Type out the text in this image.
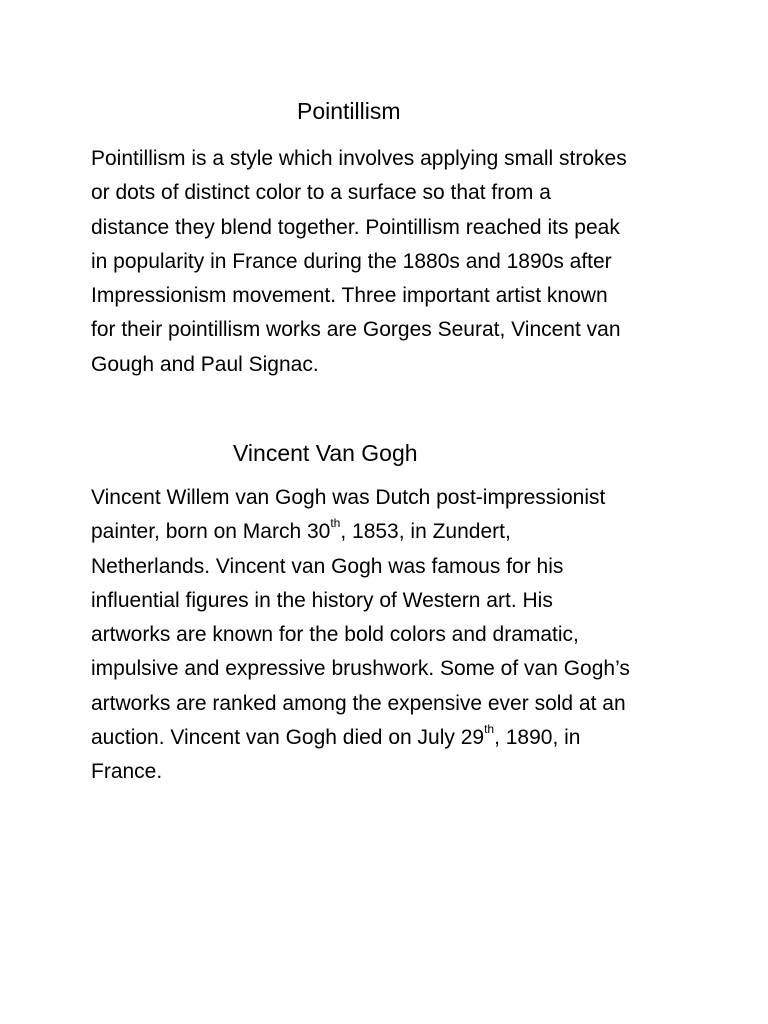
Pointillism
Pointillism is a style which involves applying small strokes
or dots of distinct color to a surface so that from a
distance they blend together. Pointillism reached its peak
in popularity in France during the 1880s and 1890s after
Impressionism movement. Three important artist known
for their pointillism works are Gorges Seurat, Vincent van
Gough and Paul Signac.
Vincent Van Gogh
Vincent Willem van Gogh was Dutch post-impressionist
painter, born on March 30th, 1853, in Zundert,
Netherlands. Vincent van Gogh was famous for his
influential figures in the history of Western art. His
artworks are known for the bold colors and dramatic,
impulsive and expressive brushwork. Some of van Gogh’s
artworks are ranked among the expensive ever sold at an
auction. Vincent van Gogh died on July 29th, 1890, in
France.
